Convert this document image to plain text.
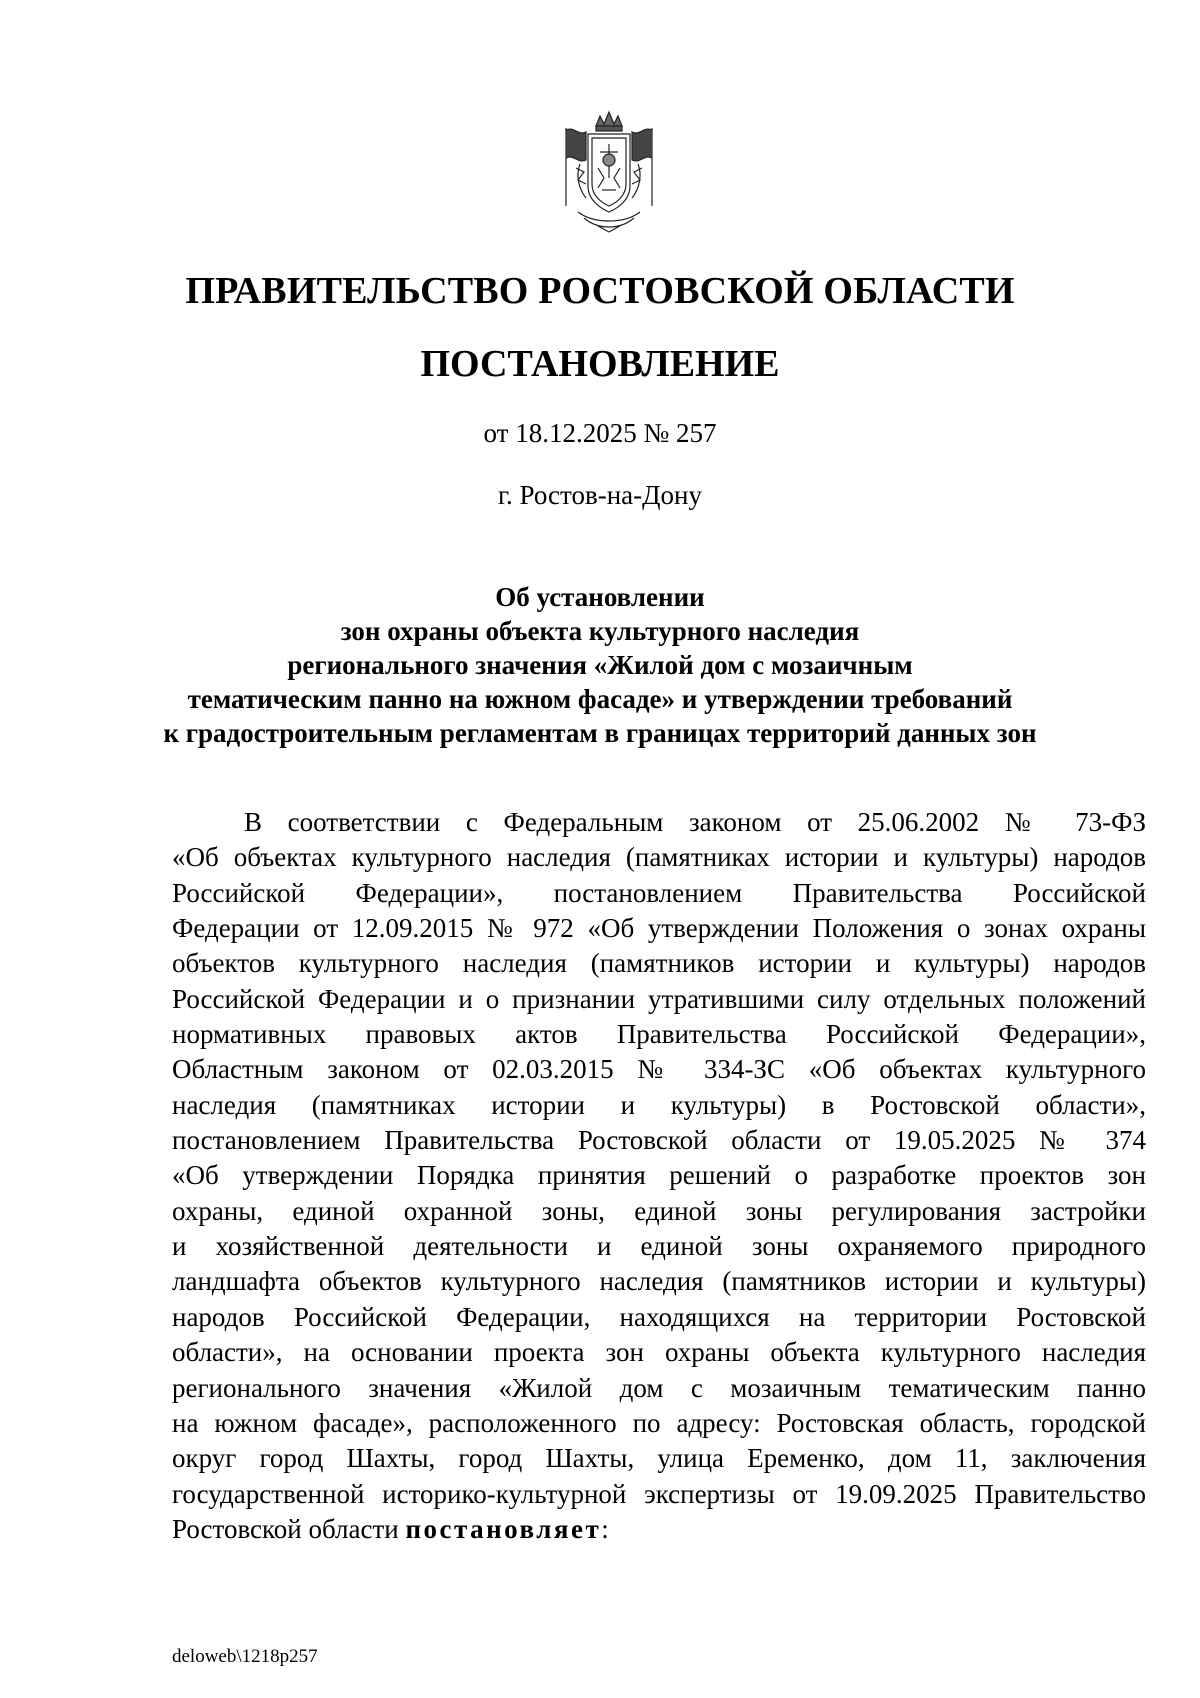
ПРАВИТЕЛЬСТВО РОСТОВСКОЙ ОБЛАСТИ
ПОСТАНОВЛЕНИЕ
от 18.12.2025 № 257
г. Ростов-на-Дону
Об установлении
зон охраны объекта культурного наследия
регионального значения «Жилой дом с мозаичным
тематическим панно на южном фасаде» и утверждении требований
к градостроительным регламентам в границах территорий данных зон
В соответствии с Федеральным законом от 25.06.2002 № 73-ФЗ
«Об объектах культурного наследия (памятниках истории и культуры) народов
Российской Федерации», постановлением Правительства Российской
Федерации от 12.09.2015 № 972 «Об утверждении Положения о зонах охраны
объектов культурного наследия (памятников истории и культуры) народов
Российской Федерации и о признании утратившими силу отдельных положений
нормативных правовых актов Правительства Российской Федерации»,
Областным законом от 02.03.2015 № 334-ЗС «Об объектах культурного
наследия (памятниках истории и культуры) в Ростовской области»,
постановлением Правительства Ростовской области от 19.05.2025 № 374
«Об утверждении Порядка принятия решений о разработке проектов зон
охраны, единой охранной зоны, единой зоны регулирования застройки
и хозяйственной деятельности и единой зоны охраняемого природного
ландшафта объектов культурного наследия (памятников истории и культуры)
народов Российской Федерации, находящихся на территории Ростовской
области», на основании проекта зон охраны объекта культурного наследия
регионального значения «Жилой дом с мозаичным тематическим панно
на южном фасаде», расположенного по адресу: Ростовская область, городской
округ город Шахты, город Шахты, улица Еременко, дом 11, заключения
государственной историко-культурной экспертизы от 19.09.2025 Правительство
Ростовской области постановляет:
deloweb\1218p257
